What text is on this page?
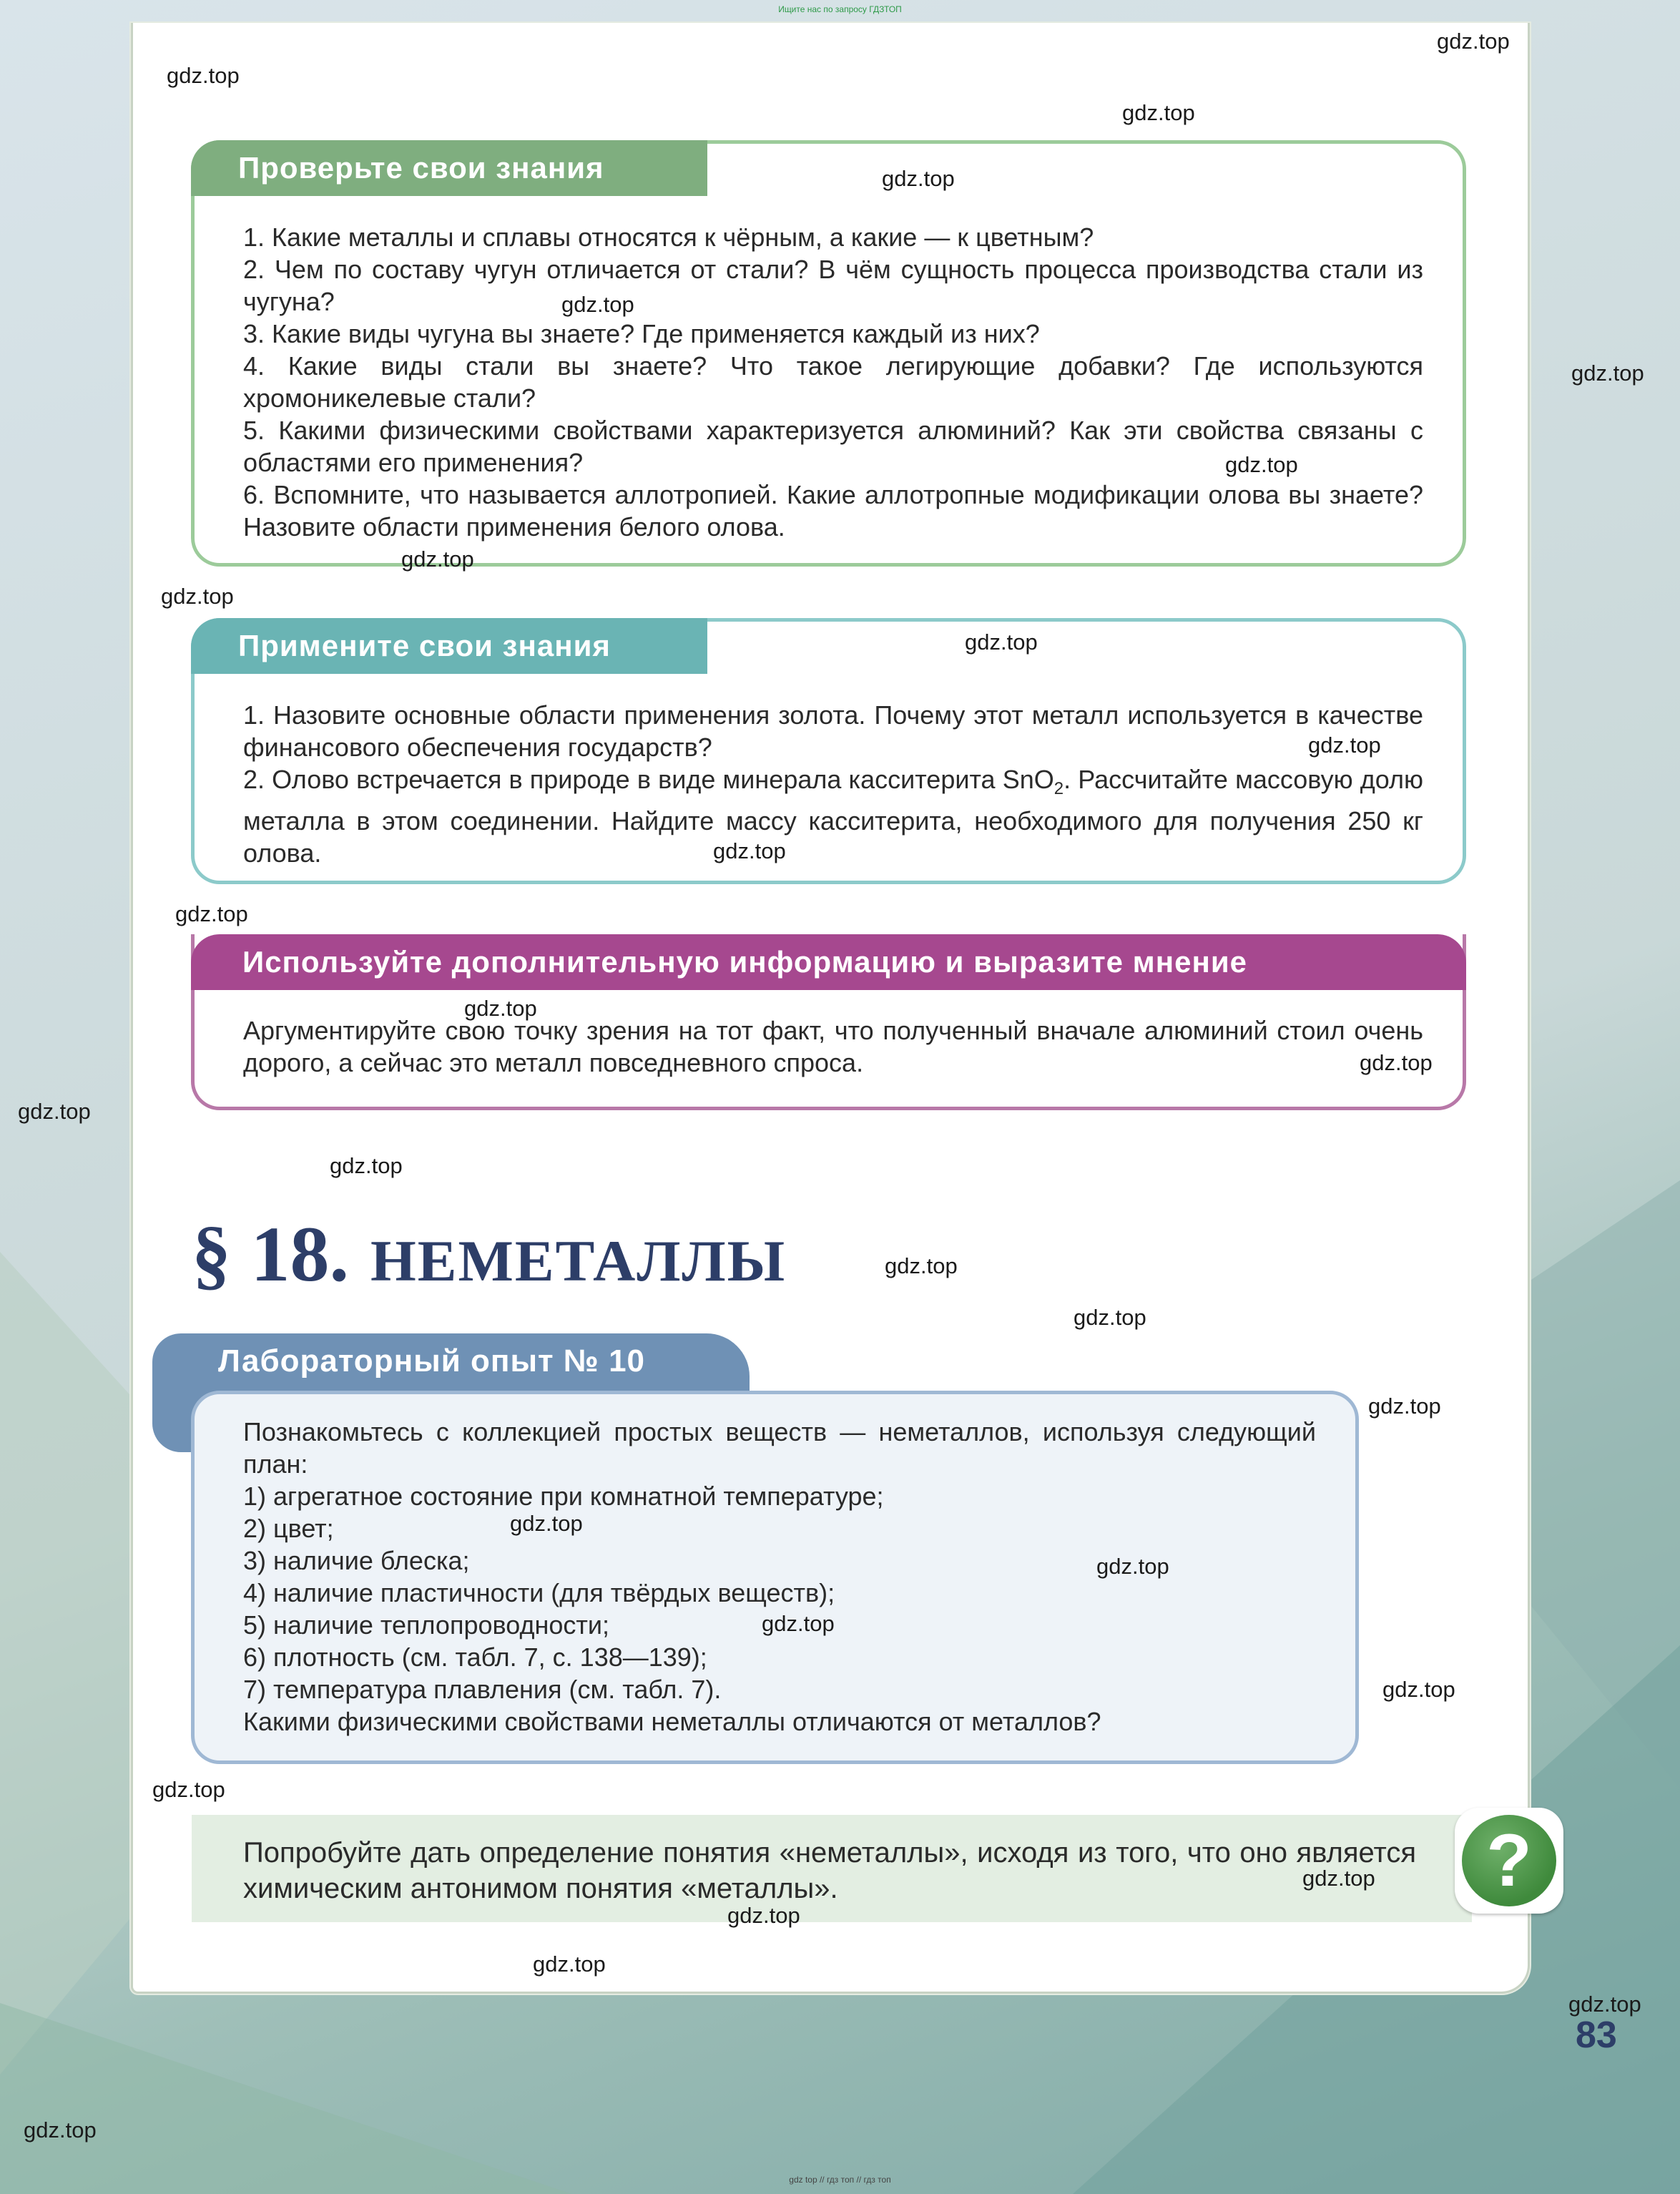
Ищите нас по запросу ГДЗТОП
Проверьте свои знания

1. Какие металлы и сплавы относятся к чёрным, а какие — к цветным?

2. Чем по составу чугун отличается от стали? В чём сущность процесса производства стали из чугуна?

3. Какие виды чугуна вы знаете? Где применяется каждый из них?

4. Какие виды стали вы знаете? Что такое легирующие добавки? Где используются хромоникелевые стали?

5. Какими физическими свойствами характеризуется алюминий? Как эти свойства связаны с областями его применения?

6. Вспомните, что называется аллотропией. Какие аллотропные модификации олова вы знаете? Назовите области применения белого олова.

Примените свои знания

1. Назовите основные области применения золота. Почему этот металл используется в качестве финансового обеспечения государств?

2. Олово встречается в природе в виде минерала касситерита SnO$_2$. Рассчитайте массовую долю металла в этом соединении. Найдите массу касситерита, необходимого для получения 250 кг олова.

Используйте дополнительную информацию и выразите мнение
Аргументируйте свою точку зрения на тот факт, что полученный вначале алюминий стоил очень дорого, а сейчас это металл повседневного спроса.
§ 18. НЕМЕТАЛЛЫ
Лабораторный опыт № 10

Познакомьтесь с коллекцией простых веществ — неметаллов, используя следующий план:

1) агрегатное состояние при комнатной температуре;

2) цвет;

3) наличие блеска;

4) наличие пластичности (для твёрдых веществ);

5) наличие теплопроводности;

6) плотность (см. табл. 7, с. 138—139);

7) температура плавления (см. табл. 7).

Какими физическими свойствами неметаллы отличаются от металлов?

Попробуйте дать определение понятия «неметаллы», исходя из того, что оно является химическим антонимом понятия «металлы».	?
83
gdz.top
gdz.top
gdz.top
gdz.top
gdz.top
gdz.top
gdz.top
gdz.top
gdz.top
gdz.top
gdz.top
gdz.top
gdz.top
gdz.top
gdz.top
gdz.top
gdz.top
gdz.top
gdz.top
gdz.top
gdz.top
gdz.top
gdz.top
gdz.top
gdz.top
gdz.top
gdz.top
gdz.top
gdz.top
gdz.top
gdz top // гдз топ // гдз топ
